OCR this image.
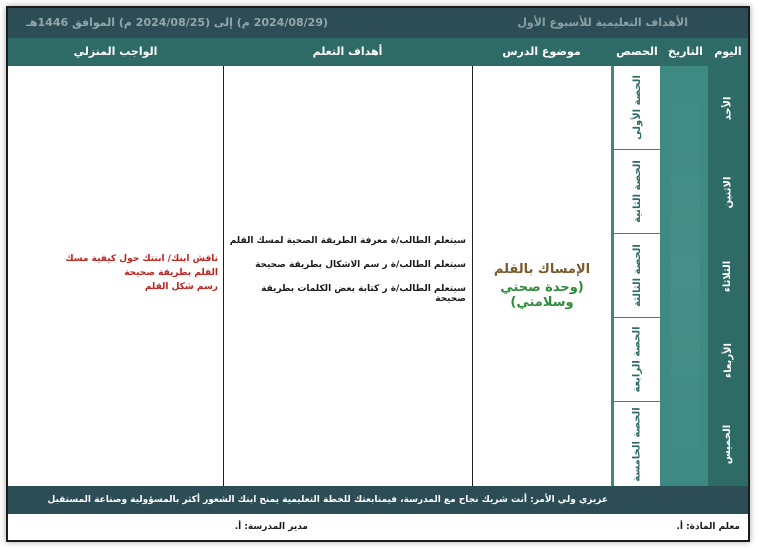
الأهداف التعليمية للأسبوع الأول
(2024/08/29 م) إلى (2024/08/25 م) الموافق 1446هـ
اليوم
التاريخ
الحصص
موضوع الدرس
أهداف التعلم
الواجب المنزلي
الأحد
الاثنين
الثلاثاء
الأربعاء
الخميس
الحصة الأولى
الحصة الثانية
الحصة الثالثة
الحصة الرابعة
الحصة الخامسة
الإمساك بالقلم
(وحدة صحتي وسلامتي)
سيتعلم الطالب/ة معرفة الطريقة الصحية لمسك القلم
سيتعلم الطالب/ة ر سم الاشكال بطريقة صحيحة
سيتعلم الطالب/ة ر كتابة بعض الكلمات بطريقة صحيحة
ناقش ابنك/ ابنتك حول كيفية مسك القلم بطريقة صحيحة
رسم شكل القلم
عزيزي ولي الأمر: أنت شريك نجاح مع المدرسة، فيمتابعتك للخطة التعليمية يمنح ابنك الشعور أكثر بالمسؤولية وصناعة المستقبل
معلم المادة: أ.
مدير المدرسة: أ.
